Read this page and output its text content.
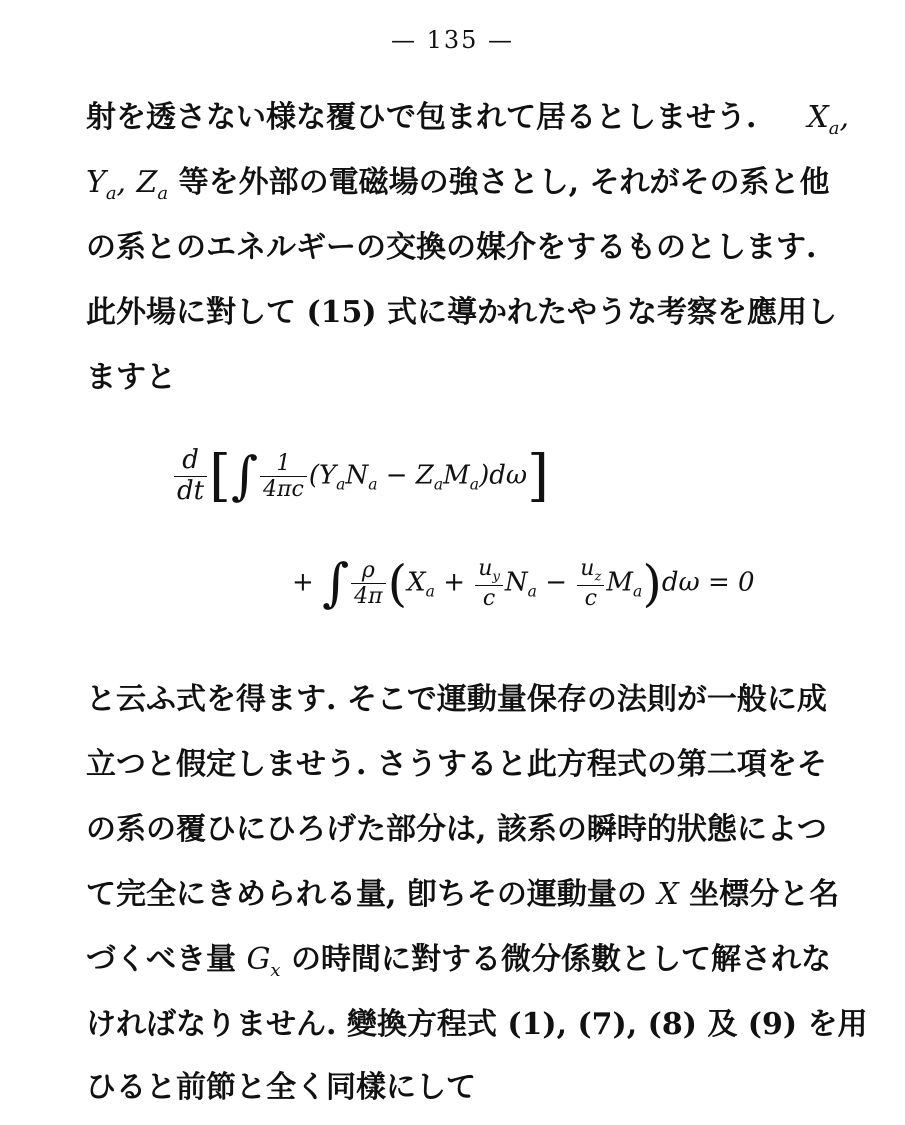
— 135 —
射を透さない様な覆ひで包まれて居るとしませう. $X_a$,
$Y_a$, $Z_a$ 等を外部の電磁場の強さとし, それがその系と他
の系とのエネルギーの交換の媒介をするものとします.
此外場に對して (15) 式に導かれたやうな考察を應用し
ますと
$\frac{d}{dt}$ [∫ $\frac{1}{4\pi c} (Y_aN_a - Z_aM_a)d\omega$]
+ ∫ $\frac{\rho}{4\pi} (X_a + \frac{u_y}{c} N_a - \frac{u_z}{c} M_a)d\omega = 0$
と云ふ式を得ます. そこで運動量保存の法則が一般に成
立つと假定しませう. さうすると此方程式の第二項をそ
の系の覆ひにひろげた部分は, 該系の瞬時的狀態によつ
て完全にきめられる量, 卽ちその運動量の X 坐標分と名
づくべき量 $G_x$ の時間に對する微分係數として解されな
ければなりません. 變換方程式 (1), (7), (8) 及 (9) を用
ひると前節と全く同樣にして
